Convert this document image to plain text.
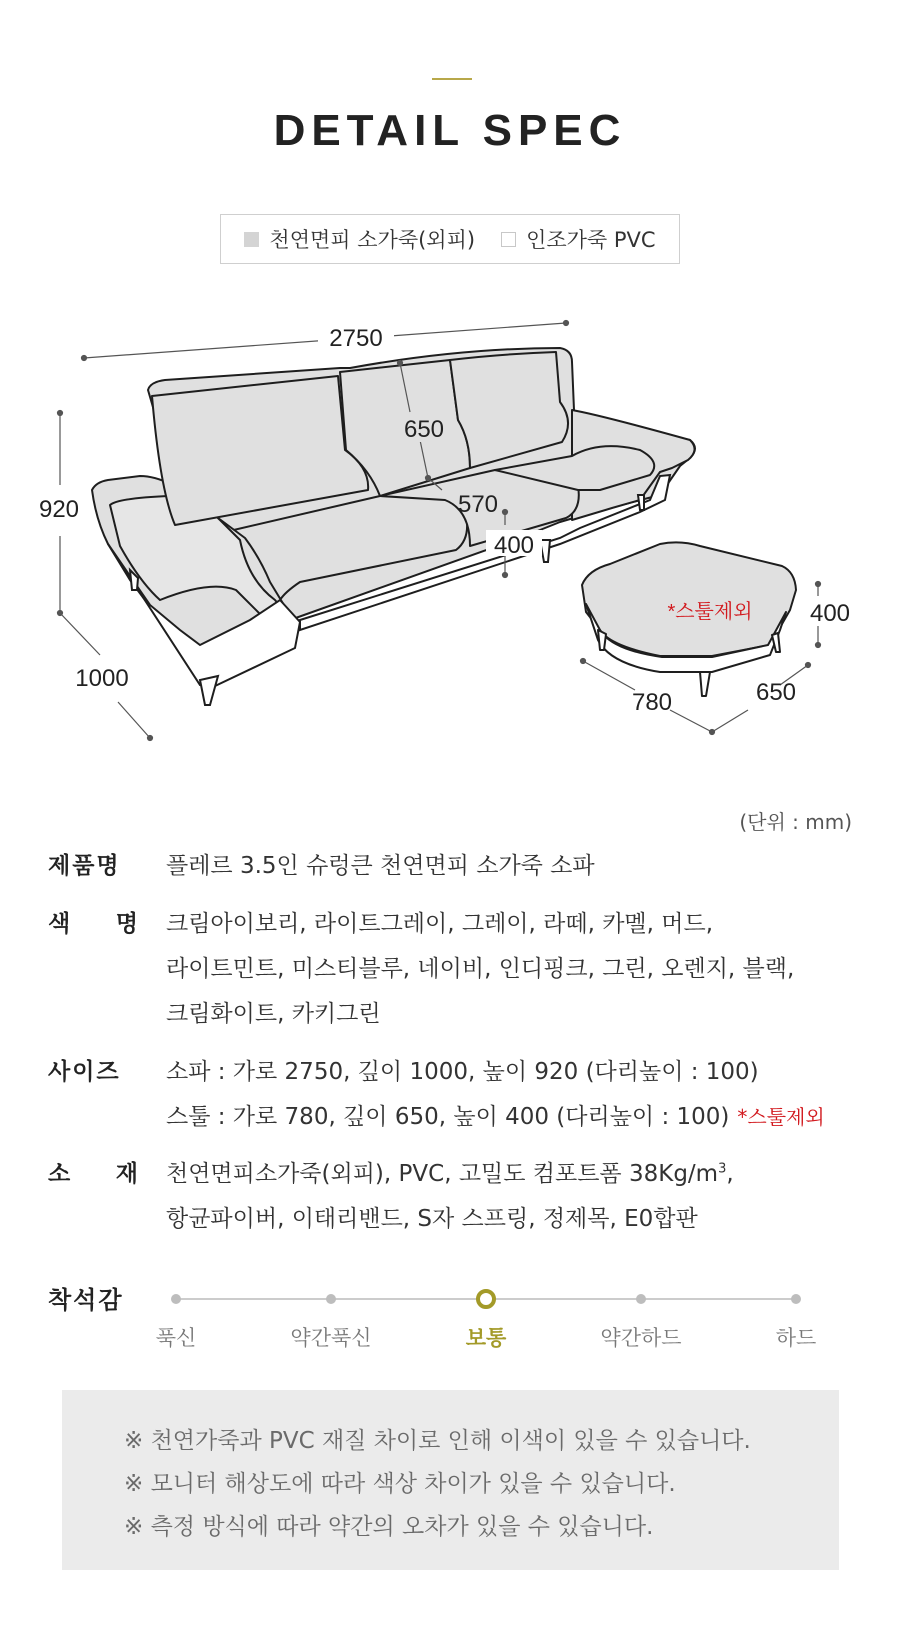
DETAIL SPEC
천연면피 소가죽(외피) 인조가죽 PVC
2750
920
1000
650
570
400
400
780	650
*스툴제외
(단위 : mm)
제품명	플레르 3.5인 슈렁큰 천연면피 소가죽 소파
색 명 크림아이보리, 라이트그레이, 그레이, 라떼, 카멜, 머드,
라이트민트, 미스티블루, 네이비, 인디핑크, 그린, 오렌지, 블랙,
크림화이트, 카키그린
사이즈	소파 : 가로 2750, 깊이 1000, 높이 920 (다리높이 : 100)
스툴 : 가로 780, 깊이 650, 높이 400 (다리높이 : 100) *스툴제외
소 재 천연면피소가죽(외피), PVC, 고밀도 컴포트폼 $38Kg/m^3$,
항균파이버, 이태리밴드, S자 스프링, 정제목, E0합판
착석감
푹신	약간푹신	보통	약간하드	하드
※ 천연가죽과 PVC 재질 차이로 인해 이색이 있을 수 있습니다.
※ 모니터 해상도에 따라 색상 차이가 있을 수 있습니다.
※ 측정 방식에 따라 약간의 오차가 있을 수 있습니다.
